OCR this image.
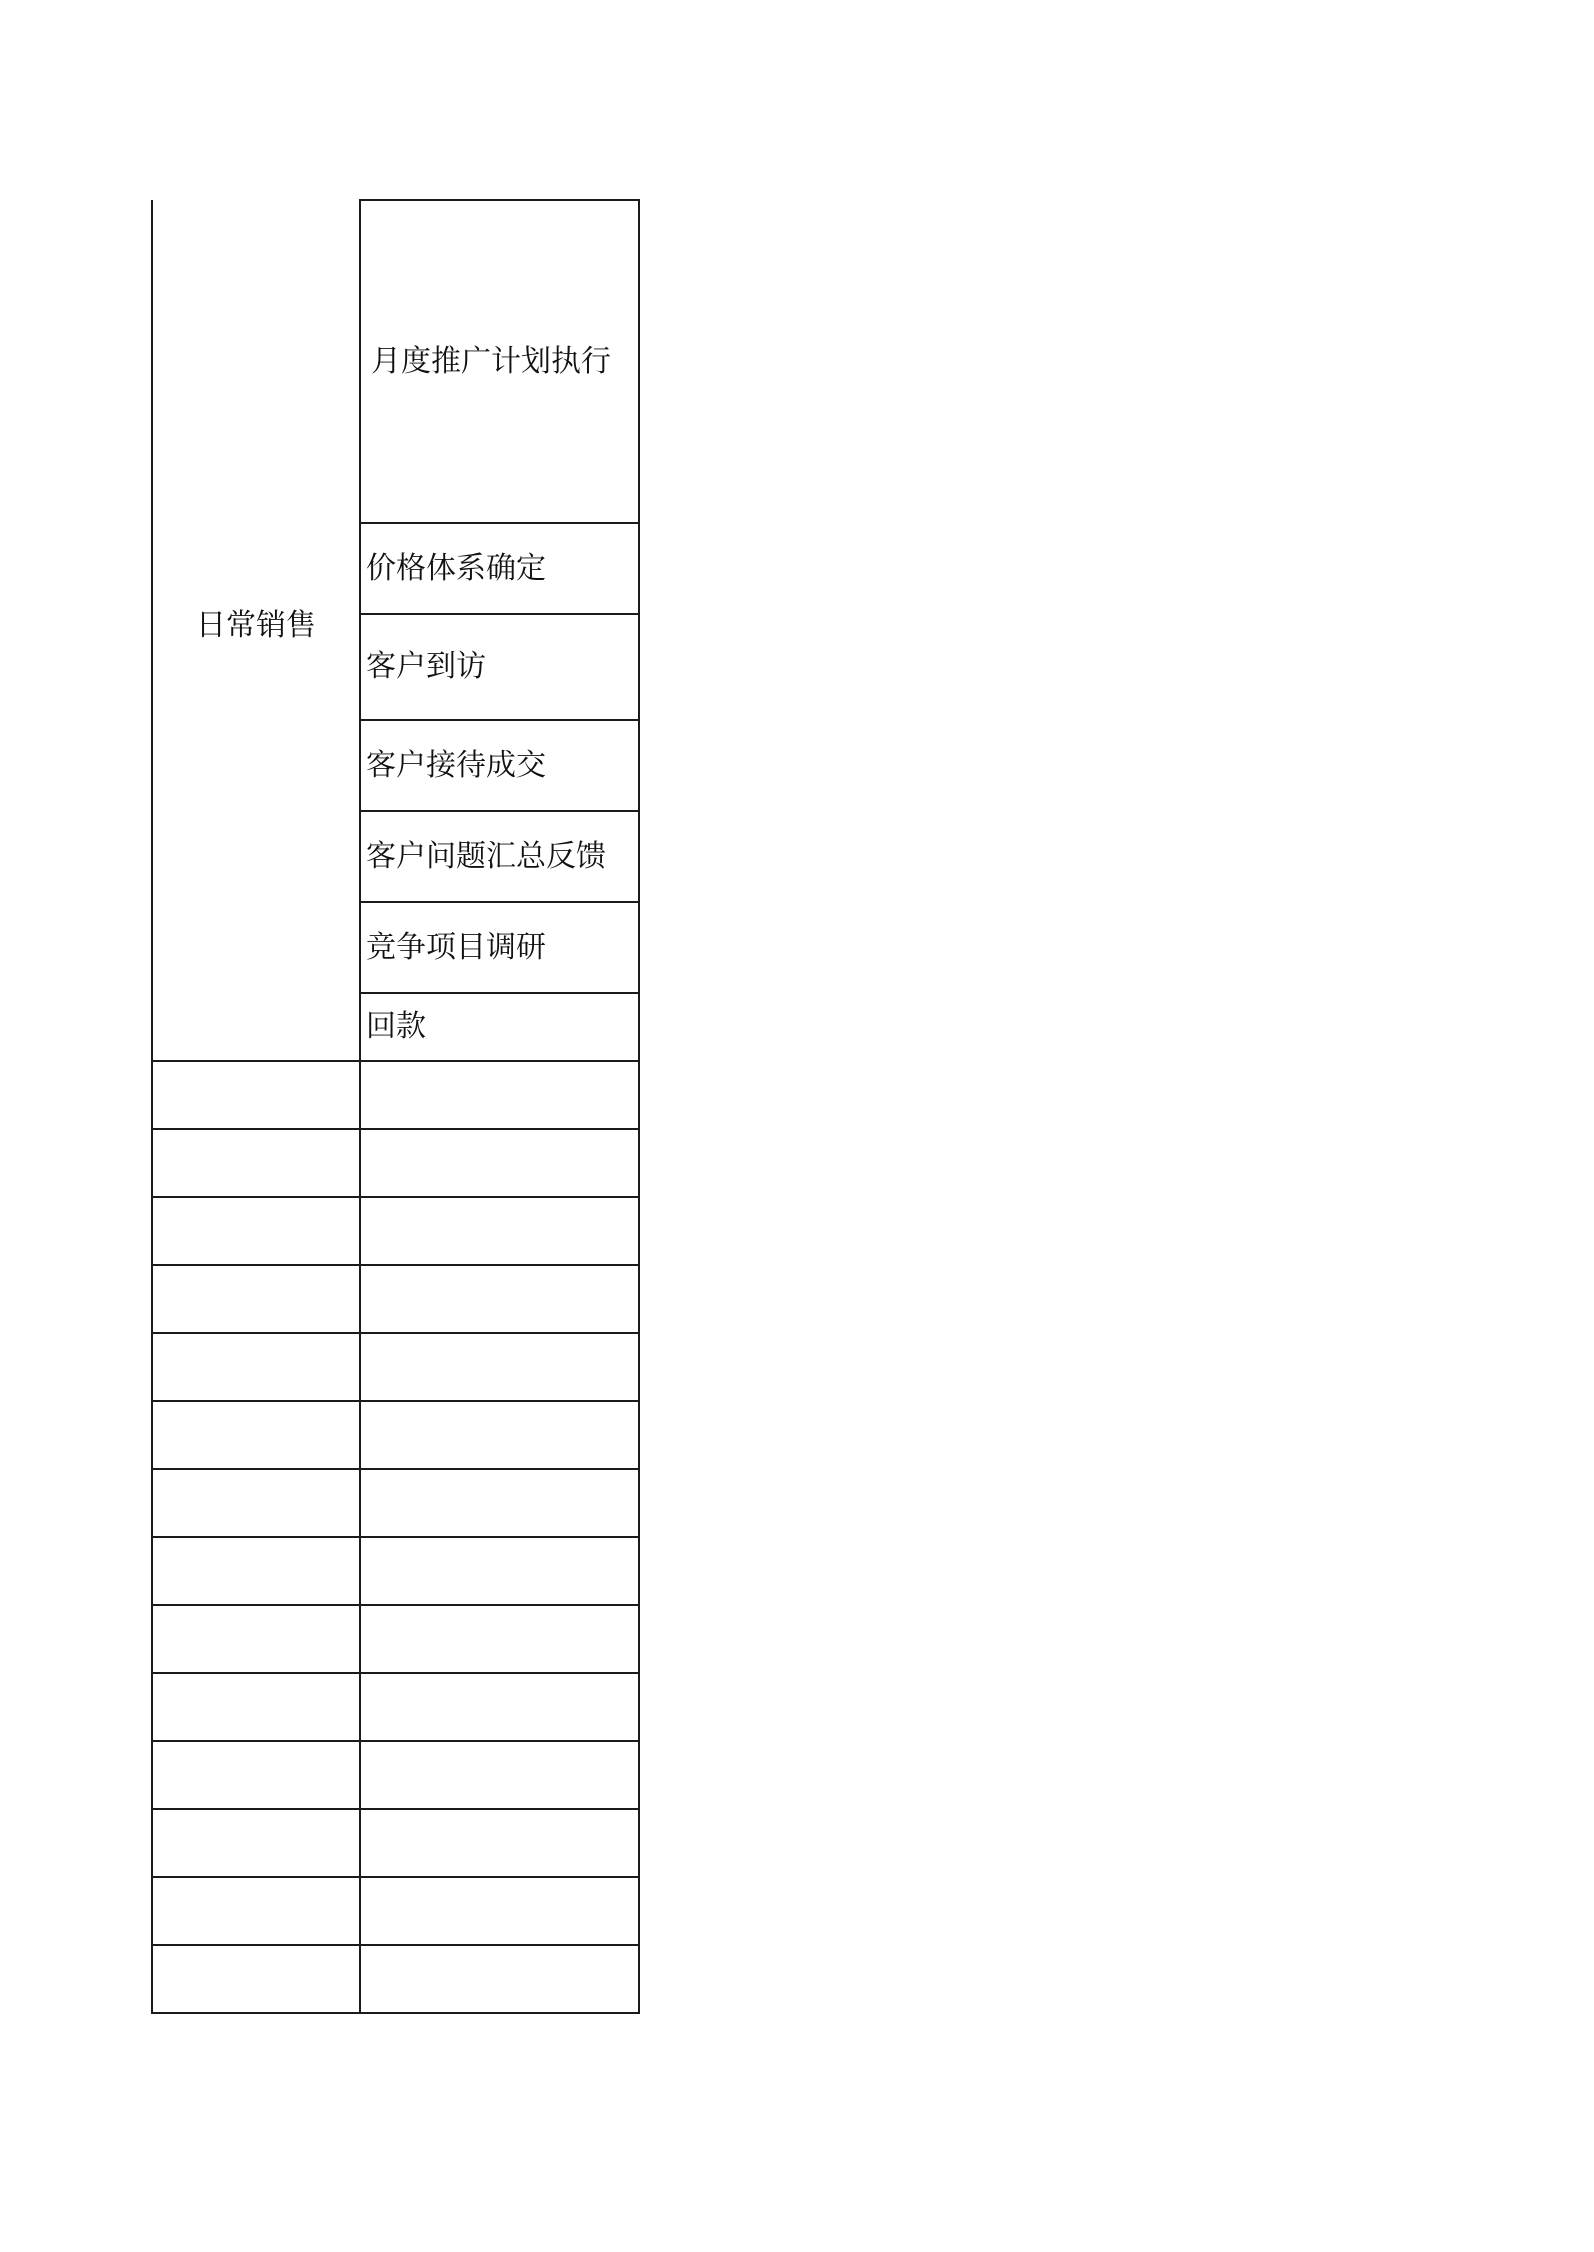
日常销售	月度推广计划执行
	价格体系确定
	客户到访
	客户接待成交
	客户问题汇总反馈
	竞争项目调研
	回款
